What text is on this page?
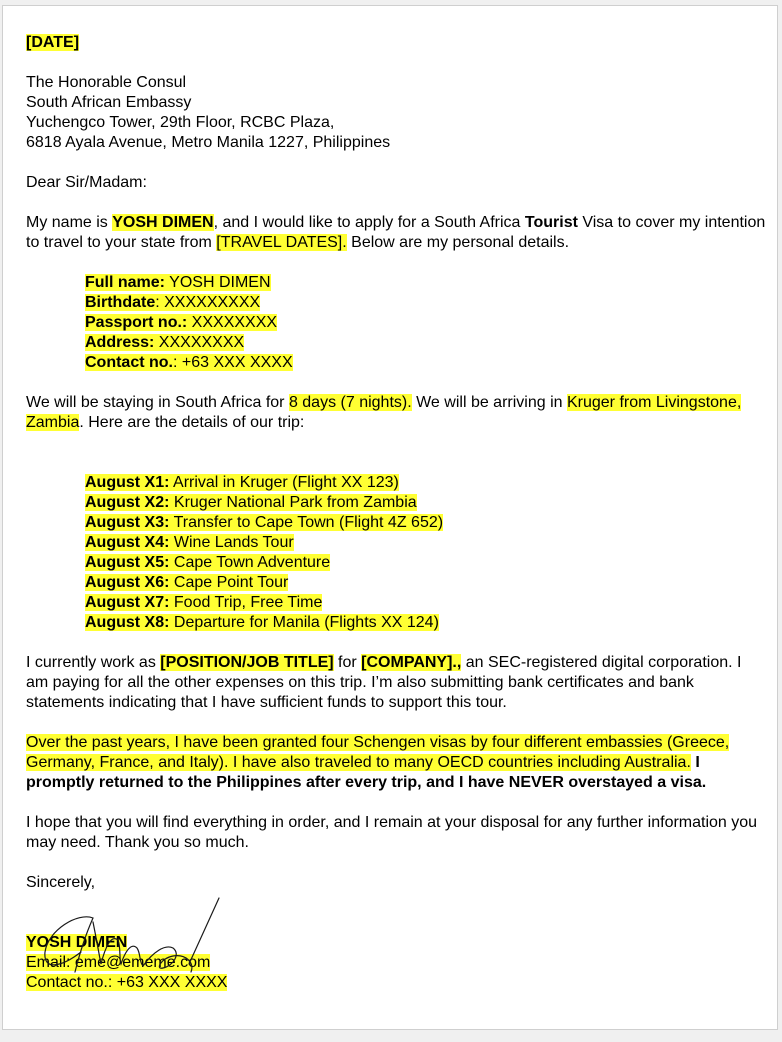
[DATE]

The Honorable Consul

South African Embassy

Yuchengco Tower, 29th Floor, RCBC Plaza,

6818 Ayala Avenue, Metro Manila 1227, Philippines

Dear Sir/Madam:

My name is YOSH DIMEN, and I would like to apply for a South Africa Tourist Visa to cover my intention to travel to your state from [TRAVEL DATES]. Below are my personal details.

Full name: YOSH DIMEN

Birthdate: XXXXXXXXX

Passport no.: XXXXXXXX

Address: XXXXXXXX

Contact no.: +63 XXX XXXX

We will be staying in South Africa for 8 days (7 nights). We will be arriving in Kruger from Livingstone, Zambia. Here are the details of our trip:

August X1: Arrival in Kruger (Flight XX 123)

August X2: Kruger National Park from Zambia

August X3: Transfer to Cape Town (Flight 4Z 652)

August X4: Wine Lands Tour

August X5: Cape Town Adventure

August X6: Cape Point Tour

August X7: Food Trip, Free Time

August X8: Departure for Manila (Flights XX 124)

I currently work as [POSITION/JOB TITLE] for [COMPANY]., an SEC-registered digital corporation. I am paying for all the other expenses on this trip. I’m also submitting bank certificates and bank statements indicating that I have sufficient funds to support this tour.

Over the past years, I have been granted four Schengen visas by four different embassies (Greece, Germany, France, and Italy). I have also traveled to many OECD countries including Australia. I promptly returned to the Philippines after every trip, and I have NEVER overstayed a visa.

I hope that you will find everything in order, and I remain at your disposal for any further information you may need. Thank you so much.

Sincerely,

YOSH DIMEN

Email: eme@ememe.com

Contact no.: +63 XXX XXXX
